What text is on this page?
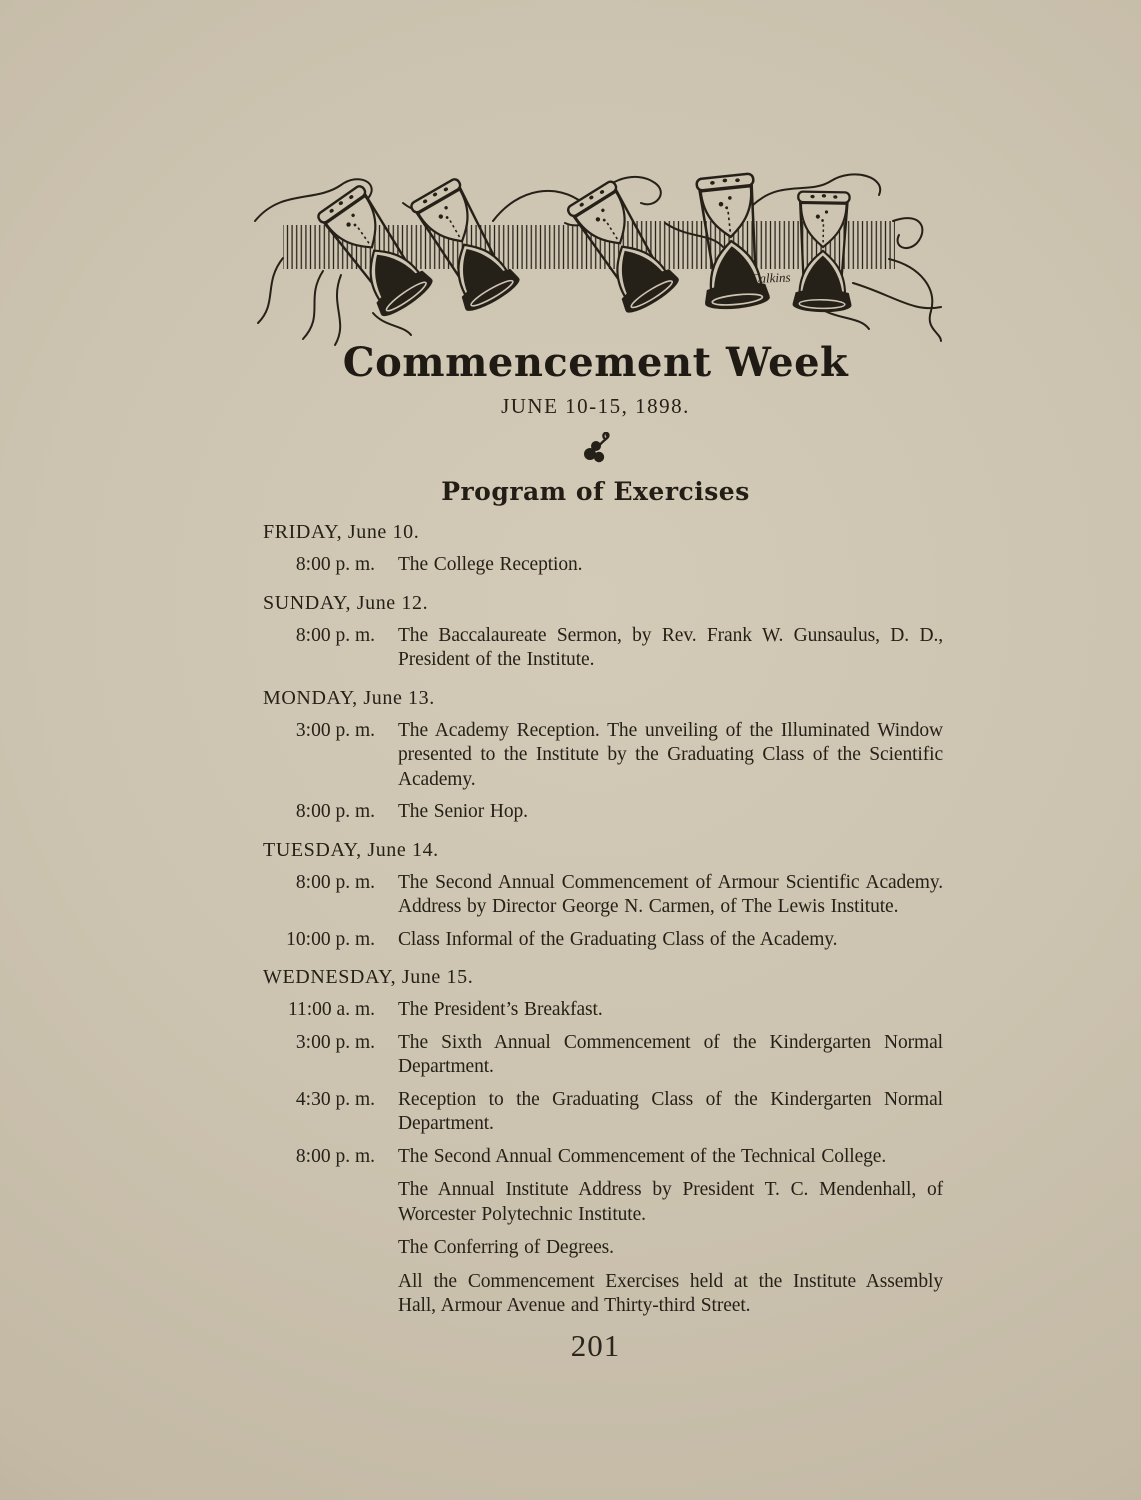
Calkins
Commencement Week
JUNE 10-15, 1898.
Program of Exercises
FRIDAY, June 10.
8:00 p. m. The College Reception.

SUNDAY, June 12.
8:00 p. m. The Baccalaureate Sermon, by Rev. Frank W. Gunsaulus, D. D., President of the Institute.

MONDAY, June 13.
3:00 p. m. The Academy Reception. The unveiling of the Illuminated Window presented to the Institute by the Graduating Class of the Scientific Academy.

8:00 p. m. The Senior Hop.

TUESDAY, June 14.
8:00 p. m. The Second Annual Commencement of Armour Scientific Academy. Address by Director George N. Carmen, of The Lewis Institute.

10:00 p. m. Class Informal of the Graduating Class of the Academy.

WEDNESDAY, June 15.
11:00 a. m. The President’s Breakfast.

3:00 p. m. The Sixth Annual Commencement of the Kindergarten Normal Department.

4:30 p. m. Reception to the Graduating Class of the Kindergarten Normal Department.

8:00 p. m. The Second Annual Commencement of the Technical College.

The Annual Institute Address by President T. C. Mendenhall, of Worcester Polytechnic Institute.

The Conferring of Degrees.

All the Commencement Exercises held at the Institute Assembly Hall, Armour Avenue and Thirty-third Street.

201
